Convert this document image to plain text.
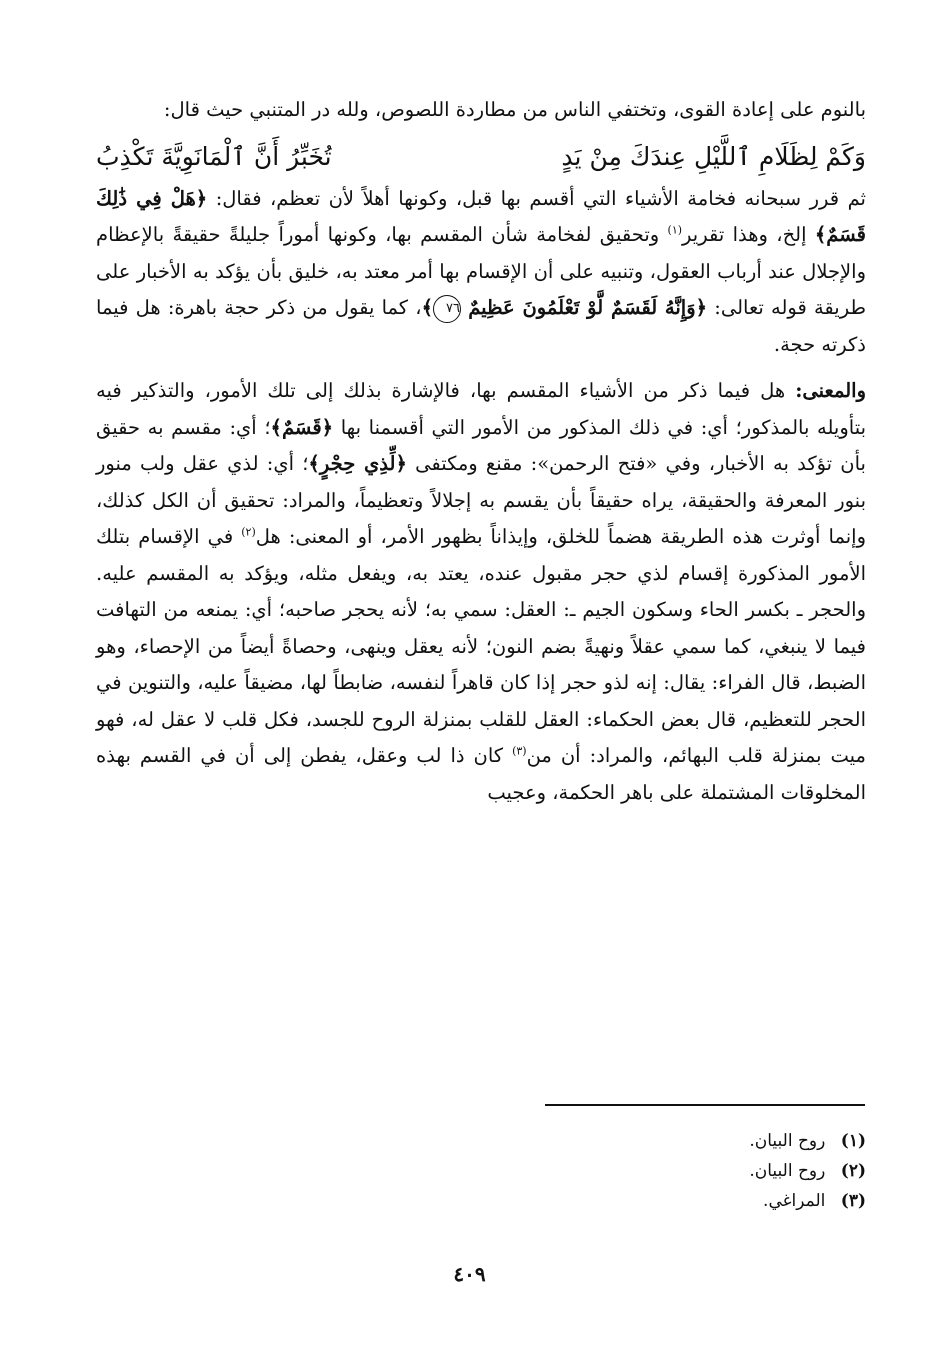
بالنوم على إعادة القوى، وتختفي الناس من مطاردة اللصوص، ولله در المتنبي حيث قال:

وَكَمْ لِظَلَامِ ٱللَّيْلِ عِندَكَ مِنْ يَدٍ
تُخَبِّرُ أَنَّ ٱلْمَانَوِيَّةَ تَكْذِبُ

ثم قرر سبحانه فخامة الأشياء التي أقسم بها قبل، وكونها أهلاً لأن تعظم، فقال: ﴿هَلْ فِي ذَٰلِكَ قَسَمٌ﴾ إلخ، وهذا تقرير$^{(١)}$ وتحقيق لفخامة شأن المقسم بها، وكونها أموراً جليلةً حقيقةً بالإعظام والإجلال عند أرباب العقول، وتنبيه على أن الإقسام بها أمر معتد به، خليق بأن يؤكد به الأخبار على طريقة قوله تعالى: ﴿وَإِنَّهُ لَقَسَمٌ لَّوْ تَعْلَمُونَ عَظِيمٌ ٧٦﴾، كما يقول من ذكر حجة باهرة: هل فيما ذكرته حجة.

والمعنى: هل فيما ذكر من الأشياء المقسم بها، فالإشارة بذلك إلى تلك الأمور، والتذكير فيه بتأويله بالمذكور؛ أي: في ذلك المذكور من الأمور التي أقسمنا بها ﴿قَسَمٌ﴾؛ أي: مقسم به حقيق بأن تؤكد به الأخبار، وفي «فتح الرحمن»: مقنع ومكتفى ﴿لِّذِي حِجْرٍ﴾؛ أي: لذي عقل ولب منور بنور المعرفة والحقيقة، يراه حقيقاً بأن يقسم به إجلالاً وتعظيماً، والمراد: تحقيق أن الكل كذلك، وإنما أوثرت هذه الطريقة هضماً للخلق، وإيذاناً بظهور الأمر، أو المعنى: هل$^{(٢)}$ في الإقسام بتلك الأمور المذكورة إقسام لذي حجر مقبول عنده، يعتد به، ويفعل مثله، ويؤكد به المقسم عليه. والحجر ـ بكسر الحاء وسكون الجيم ـ: العقل: سمي به؛ لأنه يحجر صاحبه؛ أي: يمنعه من التهافت فيما لا ينبغي، كما سمي عقلاً ونهيةً بضم النون؛ لأنه يعقل وينهى، وحصاةً أيضاً من الإحصاء، وهو الضبط، قال الفراء: يقال: إنه لذو حجر إذا كان قاهراً لنفسه، ضابطاً لها، مضيقاً عليه، والتنوين في الحجر للتعظيم، قال بعض الحكماء: العقل للقلب بمنزلة الروح للجسد، فكل قلب لا عقل له، فهو ميت بمنزلة قلب البهائم، والمراد: أن من$^{(٣)}$ كان ذا لب وعقل، يفطن إلى أن في القسم بهذه المخلوقات المشتملة على باهر الحكمة، وعجيب

(١) روح البيان.

(٢) روح البيان.

(٣) المراغي.

٤٠٩
